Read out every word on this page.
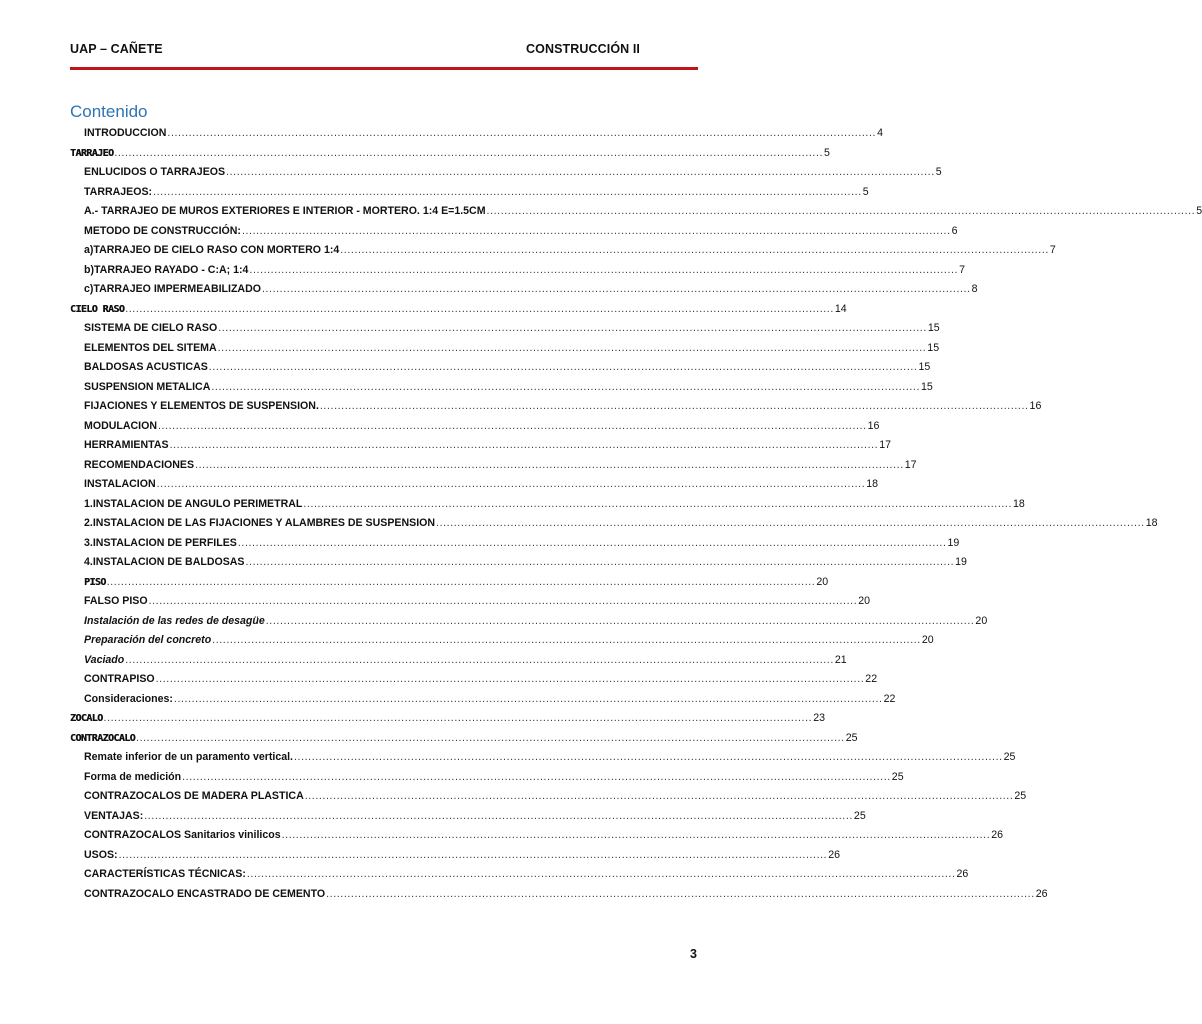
UAP – CAÑETE	CONSTRUCCIÓN II
Contenido
INTRODUCCION ........................................................................................................................................................................................................ 4
TARRAJEO ........................................................................................................................................................................................................ 5
ENLUCIDOS O TARRAJEOS ........................................................................................................................................................................................................ 5
TARRAJEOS: ........................................................................................................................................................................................................ 5
A.- TARRAJEO DE MUROS EXTERIORES E INTERIOR - MORTERO. 1:4 E=1.5CM ........................................................................................................................................................................................................ 5
METODO DE CONSTRUCCIÓN: ........................................................................................................................................................................................................ 6
a) TARRAJEO DE CIELO RASO CON MORTERO 1:4 ........................................................................................................................................................................................................ 7
b) TARRAJEO RAYADO - C:A; 1:4 ........................................................................................................................................................................................................ 7
c) TARRAJEO IMPERMEABILIZADO ........................................................................................................................................................................................................ 8
CIELO RASO ........................................................................................................................................................................................................ 14
SISTEMA DE CIELO RASO ........................................................................................................................................................................................................ 15
ELEMENTOS DEL SITEMA ........................................................................................................................................................................................................ 15
BALDOSAS ACUSTICAS ........................................................................................................................................................................................................ 15
SUSPENSION METALICA ........................................................................................................................................................................................................ 15
FIJACIONES Y ELEMENTOS DE SUSPENSION. ........................................................................................................................................................................................................ 16
MODULACION ........................................................................................................................................................................................................ 16
HERRAMIENTAS ........................................................................................................................................................................................................ 17
RECOMENDACIONES ........................................................................................................................................................................................................ 17
INSTALACION ........................................................................................................................................................................................................ 18
1. INSTALACION DE ANGULO PERIMETRAL ........................................................................................................................................................................................................ 18
2. INSTALACION DE LAS FIJACIONES Y ALAMBRES DE SUSPENSION ........................................................................................................................................................................................................ 18
3. INSTALACION DE PERFILES ........................................................................................................................................................................................................ 19
4. INSTALACION DE BALDOSAS ........................................................................................................................................................................................................ 19
PISO ........................................................................................................................................................................................................ 20
FALSO PISO ........................................................................................................................................................................................................ 20
Instalación de las redes de desagüe ........................................................................................................................................................................................................ 20
Preparación del concreto ........................................................................................................................................................................................................ 20
Vaciado ........................................................................................................................................................................................................ 21
CONTRAPISO ........................................................................................................................................................................................................ 22
Consideraciones: ........................................................................................................................................................................................................ 22
ZOCALO ........................................................................................................................................................................................................ 23
CONTRAZOCALO ........................................................................................................................................................................................................ 25
Remate inferior de un paramento vertical. ........................................................................................................................................................................................................ 25
Forma de medición ........................................................................................................................................................................................................ 25
CONTRAZOCALOS DE MADERA PLASTICA ........................................................................................................................................................................................................ 25
VENTAJAS: ........................................................................................................................................................................................................ 25
CONTRAZOCALOS Sanitarios vinilicos ........................................................................................................................................................................................................ 26
USOS: ........................................................................................................................................................................................................ 26
CARACTERÍSTICAS TÉCNICAS: ........................................................................................................................................................................................................ 26
CONTRAZOCALO ENCASTRADO DE CEMENTO ........................................................................................................................................................................................................ 26
3
